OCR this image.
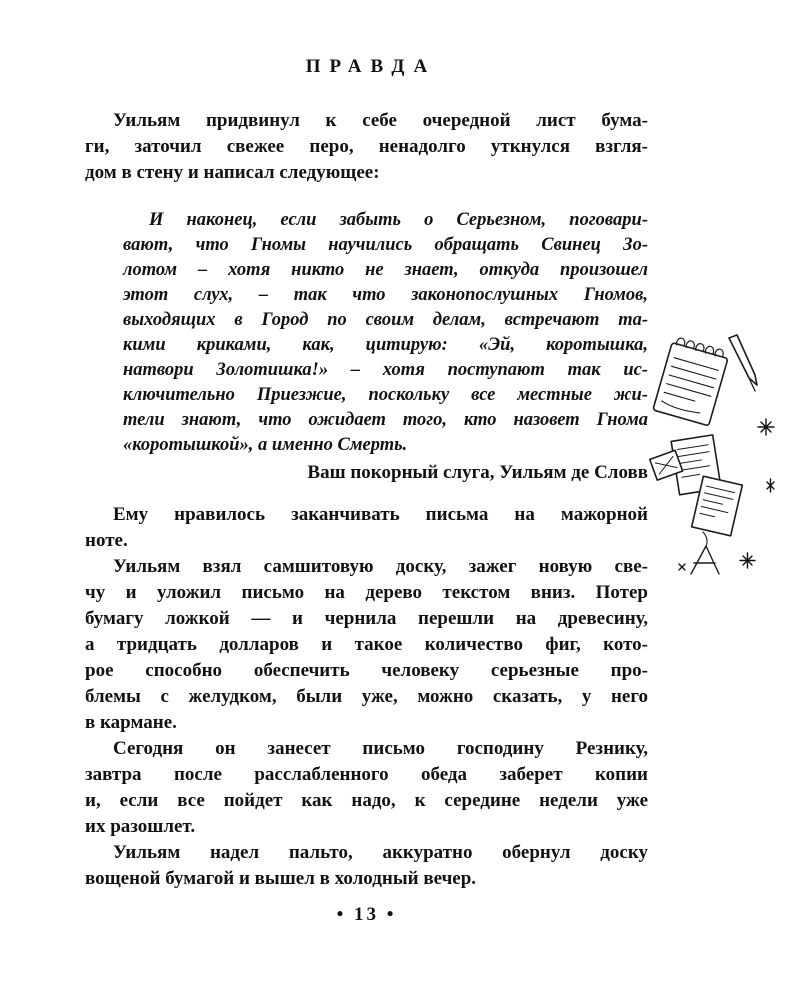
ПРАВДА
Уильям придвинул к себе очередной лист бума-
ги, заточил свежее перо, ненадолго уткнулся взгля-
дом в стену и написал следующее:
И наконец, если забыть о Серьезном, поговари-
вают, что Гномы научились обращать Свинец Зо-
лотом – хотя никто не знает, откуда произошел
этот слух, – так что законопослушных Гномов,
выходящих в Город по своим делам, встречают та-
кими криками, как, цитирую: «Эй, коротышка,
натвори Золотишка!» – хотя поступают так ис-
ключительно Приезжие, поскольку все местные жи-
тели знают, что ожидает того, кто назовет Гнома
«коротышкой», а именно Смерть.
Ваш покорный слуга, Уильям де Словв
Ему нравилось заканчивать письма на мажорной
ноте.
Уильям взял самшитовую доску, зажег новую све-
чу и уложил письмо на дерево текстом вниз. Потер
бумагу ложкой — и чернила перешли на древесину,
а тридцать долларов и такое количество фиг, кото-
рое способно обеспечить человеку серьезные про-
блемы с желудком, были уже, можно сказать, у него
в кармане.
Сегодня он занесет письмо господину Резнику,
завтра после расслабленного обеда заберет копии
и, если все пойдет как надо, к середине недели уже
их разошлет.
Уильям надел пальто, аккуратно обернул доску
вощеной бумагой и вышел в холодный вечер.
• 13 •
